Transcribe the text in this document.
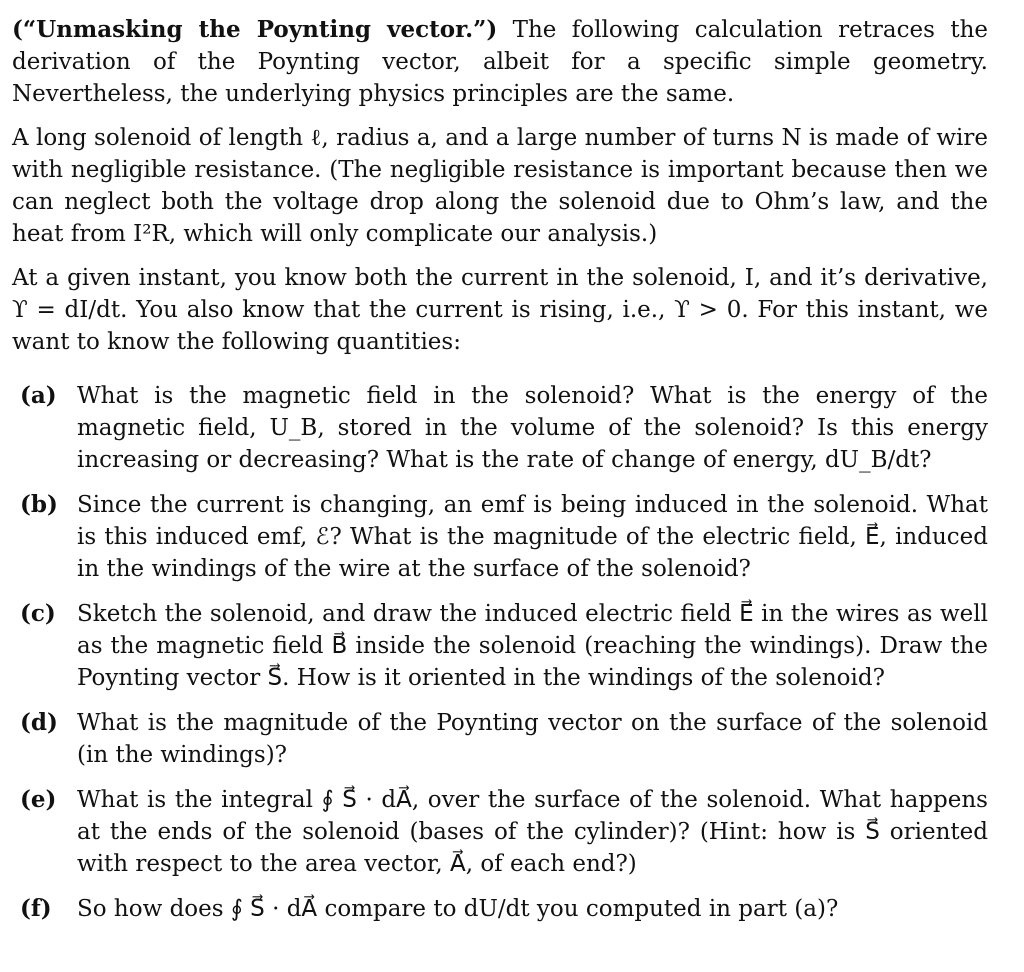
(“Unmasking the Poynting vector.”) The following calculation retraces the derivation of the Poynting vector, albeit for a specific simple geometry. Nevertheless, the underlying physics principles are the same.

A long solenoid of length ℓ, radius a, and a large number of turns N is made of wire with negligible resistance. (The negligible resistance is important because then we can neglect both the voltage drop along the solenoid due to Ohm’s law, and the heat from I²R, which will only complicate our analysis.)

At a given instant, you know both the current in the solenoid, I, and it’s derivative, ϒ = dI/dt. You also know that the current is rising, i.e., ϒ > 0. For this instant, we want to know the following quantities:

(a) What is the magnetic field in the solenoid? What is the energy of the magnetic field, U_B, stored in the volume of the solenoid? Is this energy increasing or decreasing? What is the rate of change of energy, dU_B/dt?
(b) Since the current is changing, an emf is being induced in the solenoid. What is this induced emf, ℰ? What is the magnitude of the electric field, E⃗, induced in the windings of the wire at the surface of the solenoid?
(c) Sketch the solenoid, and draw the induced electric field E⃗ in the wires as well as the magnetic field B⃗ inside the solenoid (reaching the windings). Draw the Poynting vector S⃗. How is it oriented in the windings of the solenoid?
(d) What is the magnitude of the Poynting vector on the surface of the solenoid (in the windings)?
(e) What is the integral ∮ S⃗ · dA⃗, over the surface of the solenoid. What happens at the ends of the solenoid (bases of the cylinder)? (Hint: how is S⃗ oriented with respect to the area vector, A⃗, of each end?)
(f)	So how does ∮ S⃗ · dA⃗ compare to dU/dt you computed in part (a)?
